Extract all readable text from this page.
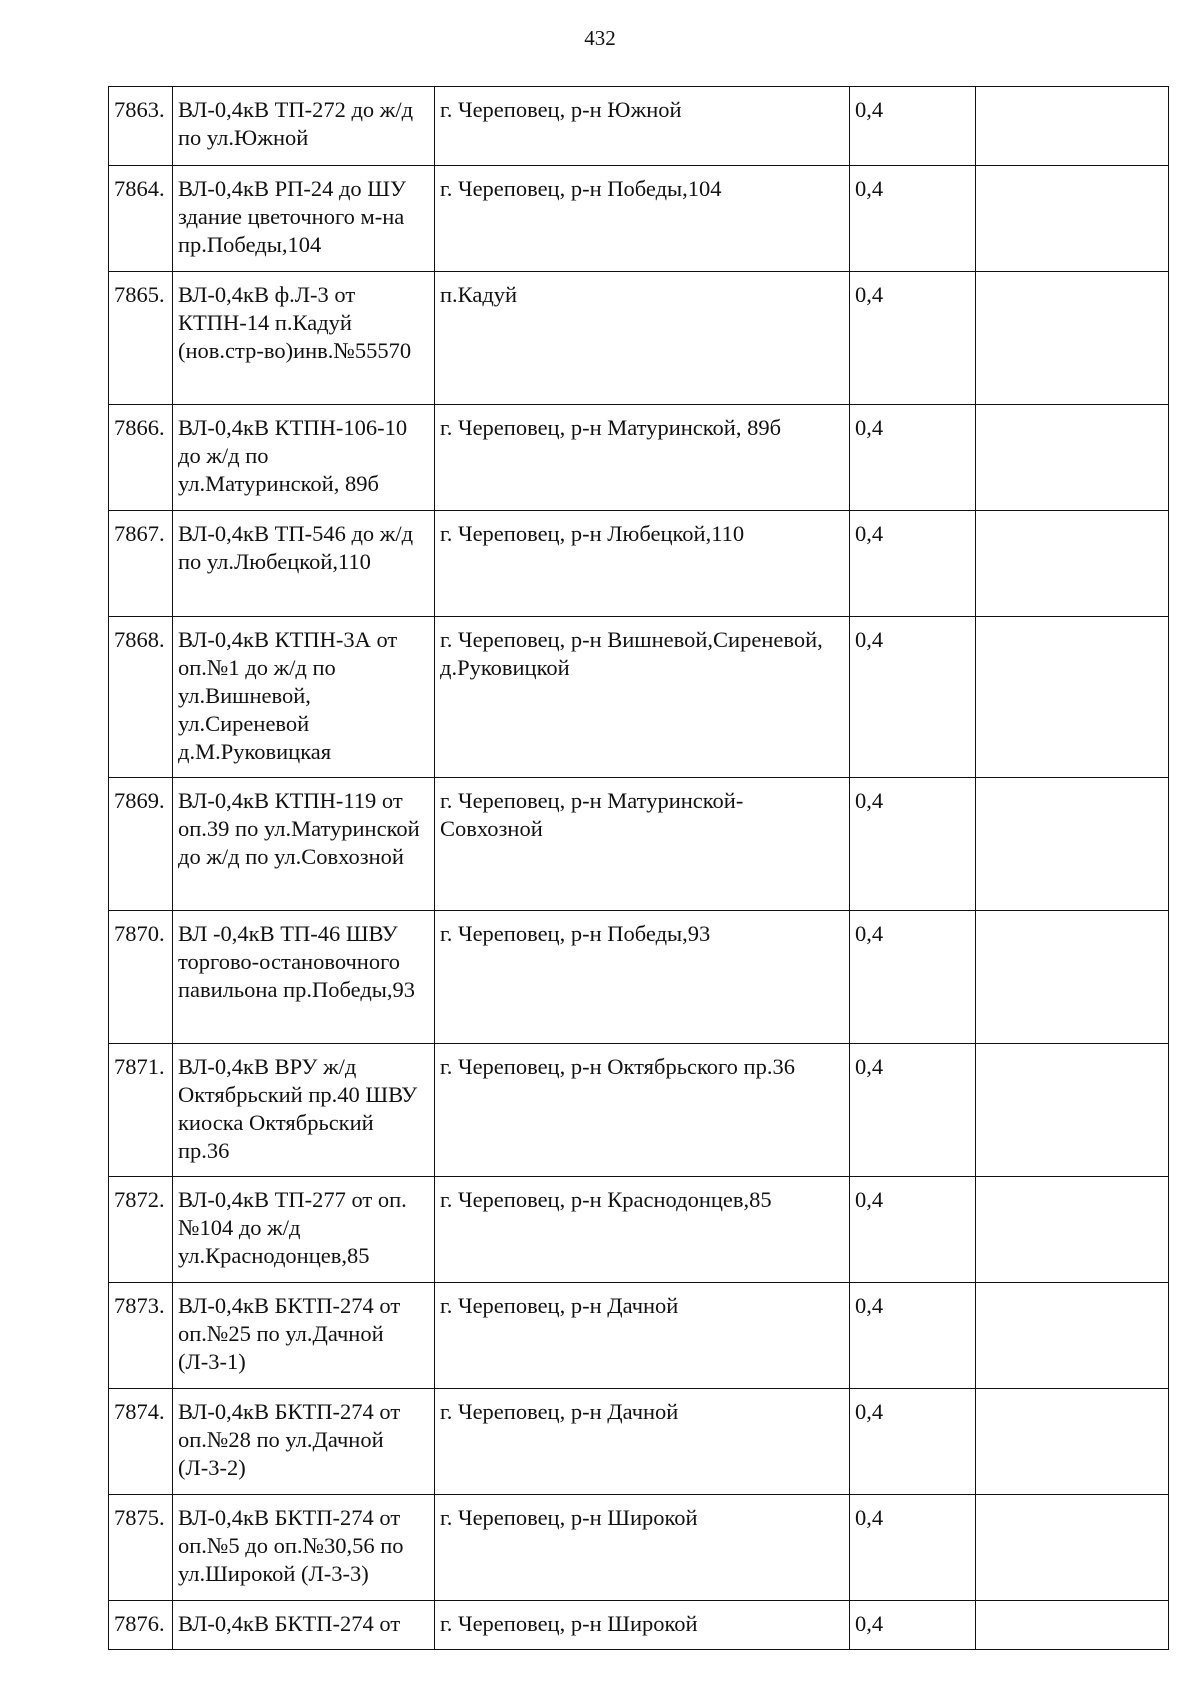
432
7863.	ВЛ-0,4кВ ТП-272 до ж/д по ул.Южной	г. Череповец, р-н Южной	0,4	
7864.	ВЛ-0,4кВ РП-24 до ШУ здание цветочного м-на пр.Победы,104	г. Череповец, р-н Победы,104	0,4	
7865.	ВЛ-0,4кВ ф.Л-3 от КТПН-14 п.Кадуй (нов.стр-во)инв.№55570	п.Кадуй	0,4	
7866.	ВЛ-0,4кВ КТПН-106-10 до ж/д по ул.Матуринской, 89б	г. Череповец, р-н Матуринской, 89б	0,4	
7867.	ВЛ-0,4кВ ТП-546 до ж/д по ул.Любецкой,110	г. Череповец, р-н Любецкой,110	0,4	
7868.	ВЛ-0,4кВ КТПН-3А от оп.№1 до ж/д по ул.Вишневой, ул.Сиреневой д.М.Руковицкая	г. Череповец, р-н Вишневой,Сиреневой, д.Руковицкой	0,4	
7869.	ВЛ-0,4кВ КТПН-119 от оп.39 по ул.Матуринской до ж/д по ул.Совхозной	г. Череповец, р-н Матуринской-Совхозной	0,4	
7870.	ВЛ -0,4кВ ТП-46 ШВУ торгово-остановочного павильона пр.Победы,93	г. Череповец, р-н Победы,93	0,4	
7871.	ВЛ-0,4кВ ВРУ ж/д Октябрьский пр.40 ШВУ киоска Октябрьский пр.36	г. Череповец, р-н Октябрьского пр.36	0,4	
7872.	ВЛ-0,4кВ ТП-277 от оп.№104 до ж/д ул.Краснодонцев,85	г. Череповец, р-н Краснодонцев,85	0,4	
7873.	ВЛ-0,4кВ БКТП-274 от оп.№25 по ул.Дачной (Л-3-1)	г. Череповец, р-н Дачной	0,4	
7874.	ВЛ-0,4кВ БКТП-274 от оп.№28 по ул.Дачной (Л-3-2)	г. Череповец, р-н Дачной	0,4	
7875.	ВЛ-0,4кВ БКТП-274 от оп.№5 до оп.№30,56 по ул.Широкой (Л-3-3)	г. Череповец, р-н Широкой	0,4	
7876.	ВЛ-0,4кВ БКТП-274 от	г. Череповец, р-н Широкой	0,4	
